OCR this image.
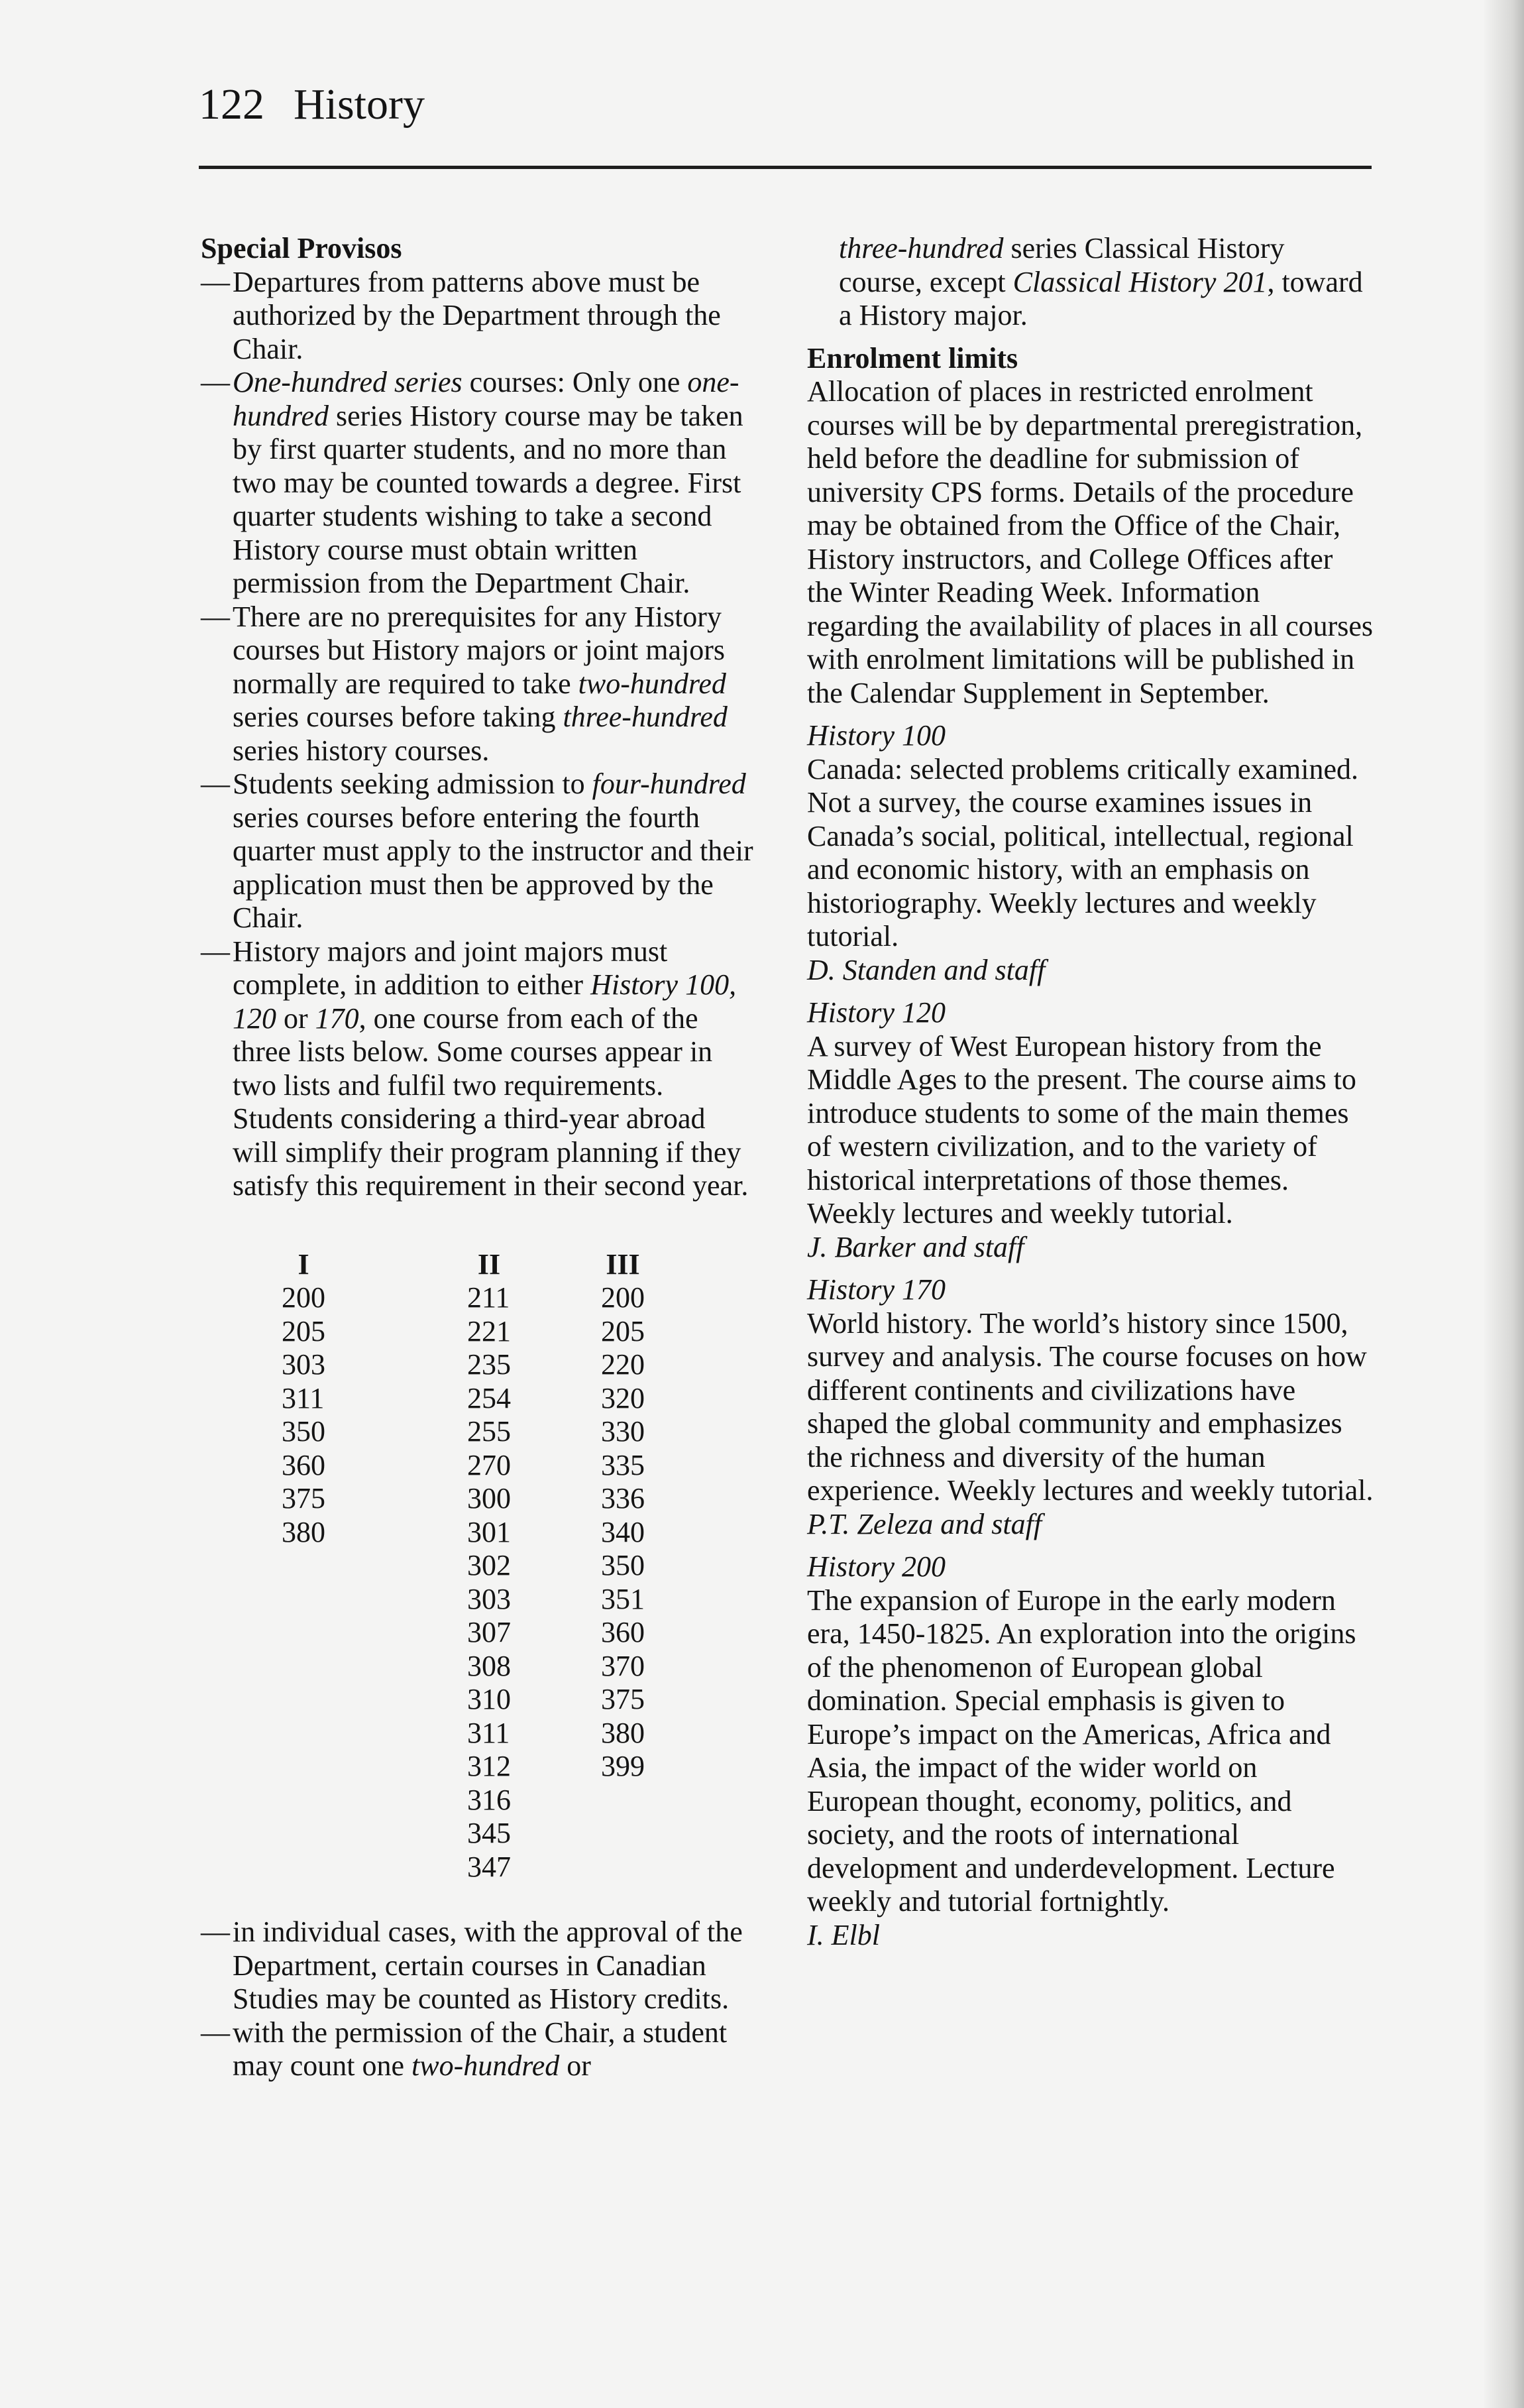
122 History
Special Provisos

— Departures from patterns above must be authorized by the Department through the Chair.

— One-hundred series courses: Only one one-hundred series History course may be taken by first quarter students, and no more than two may be counted towards a degree. First quarter students wishing to take a second History course must obtain written permission from the Department Chair.

— There are no prerequisites for any History courses but History majors or joint majors normally are required to take two-hundred series courses before taking three-hundred series history courses.

— Students seeking admission to four-hundred series courses before entering the fourth quarter must apply to the instructor and their application must then be approved by the Chair.

— History majors and joint majors must complete, in addition to either History 100, 120 or 170, one course from each of the three lists below. Some courses appear in two lists and fulfil two requirements. Students considering a third-year abroad will simplify their program planning if they satisfy this requirement in their second year.

I
200
205
303
311
350
360
375
380
II
211
221
235
254
255
270
300
301
302
303
307
308
310
311
312
316
345
347
III
200
205
220
320
330
335
336
340
350
351
360
370
375
380
399

— in individual cases, with the approval of the Department, certain courses in Canadian Studies may be counted as History credits.

— with the permission of the Chair, a student may count one two-hundred or

three-hundred series Classical History course, except Classical History 201, toward a History major.

Enrolment limits

Allocation of places in restricted enrolment courses will be by departmental preregistration, held before the deadline for submission of university CPS forms. Details of the procedure may be obtained from the Office of the Chair, History instructors, and College Offices after the Winter Reading Week. Information regarding the availability of places in all courses with enrolment limitations will be published in the Calendar Supplement in September.

History 100

Canada: selected problems critically examined. Not a survey, the course examines issues in Canada’s social, political, intellectual, regional and economic history, with an emphasis on historiography. Weekly lectures and weekly tutorial.

D. Standen and staff

History 120

A survey of West European history from the Middle Ages to the present. The course aims to introduce students to some of the main themes of western civilization, and to the variety of historical interpretations of those themes. Weekly lectures and weekly tutorial.

J. Barker and staff

History 170

World history. The world’s history since 1500, survey and analysis. The course focuses on how different continents and civilizations have shaped the global community and emphasizes the richness and diversity of the human experience. Weekly lectures and weekly tutorial.

P.T. Zeleza and staff

History 200

The expansion of Europe in the early modern era, 1450-1825. An exploration into the origins of the phenomenon of European global domination. Special emphasis is given to Europe’s impact on the Americas, Africa and Asia, the impact of the wider world on European thought, economy, politics, and society, and the roots of international development and underdevelopment. Lecture weekly and tutorial fortnightly.

I. Elbl
